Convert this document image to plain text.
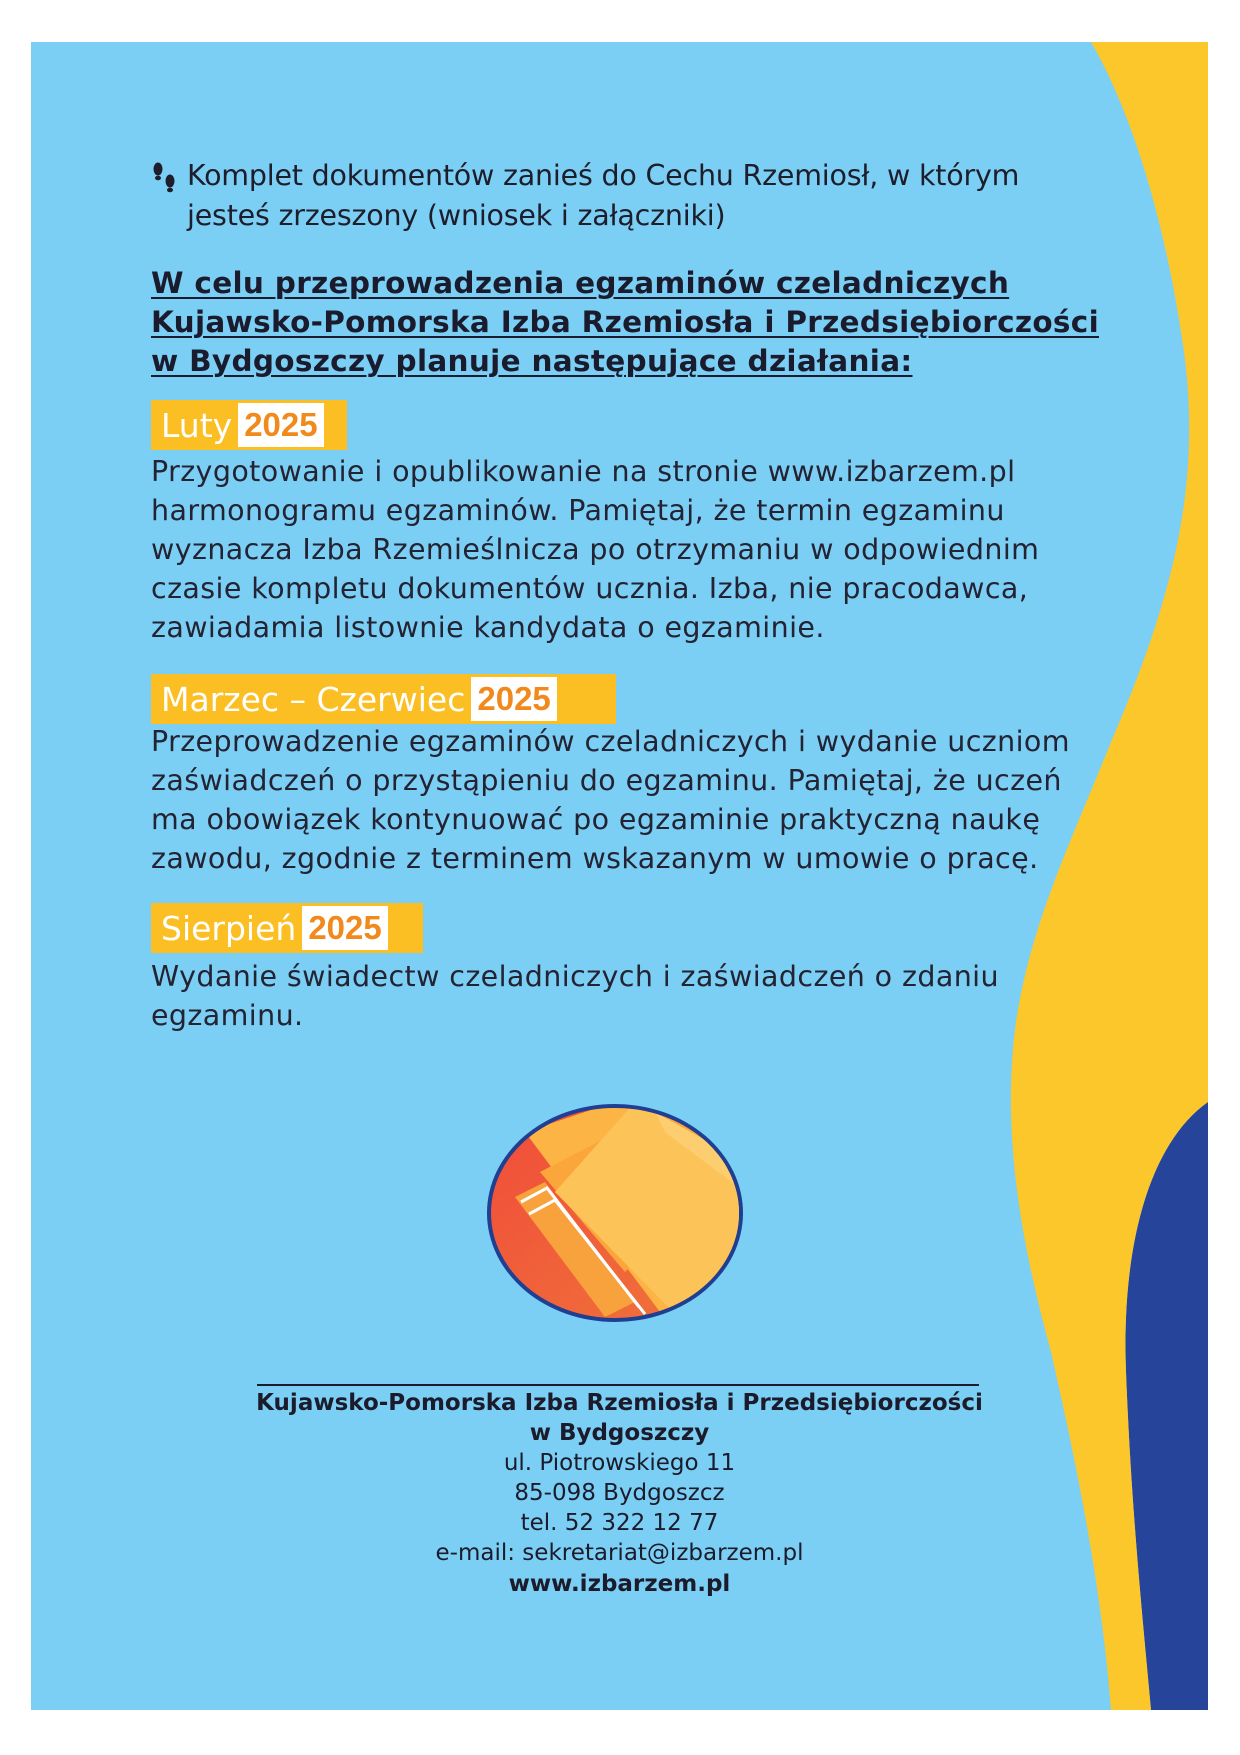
Komplet dokumentów zanieś do Cechu Rzemiosł, w którym
jesteś zrzeszony (wniosek i załączniki)
W celu przeprowadzenia egzaminów czeladniczych
Kujawsko-Pomorska Izba Rzemiosła i Przedsiębiorczości
w Bydgoszczy planuje następujące działania:
Luty 2025
Przygotowanie i opublikowanie na stronie www.izbarzem.pl
harmonogramu egzaminów. Pamiętaj, że termin egzaminu
wyznacza Izba Rzemieślnicza po otrzymaniu w odpowiednim
czasie kompletu dokumentów ucznia. Izba, nie pracodawca,
zawiadamia listownie kandydata o egzaminie.
Marzec – Czerwiec 2025
Przeprowadzenie egzaminów czeladniczych i wydanie uczniom
zaświadczeń o przystąpieniu do egzaminu. Pamiętaj, że uczeń
ma obowiązek kontynuować po egzaminie praktyczną naukę
zawodu, zgodnie z terminem wskazanym w umowie o pracę.
Sierpień 2025
Wydanie świadectw czeladniczych i zaświadczeń o zdaniu
egzaminu.
Kujawsko-Pomorska Izba Rzemiosła i Przedsiębiorczości
w Bydgoszczy
ul. Piotrowskiego 11
85-098 Bydgoszcz
tel. 52 322 12 77
e-mail: sekretariat@izbarzem.pl
www.izbarzem.pl
